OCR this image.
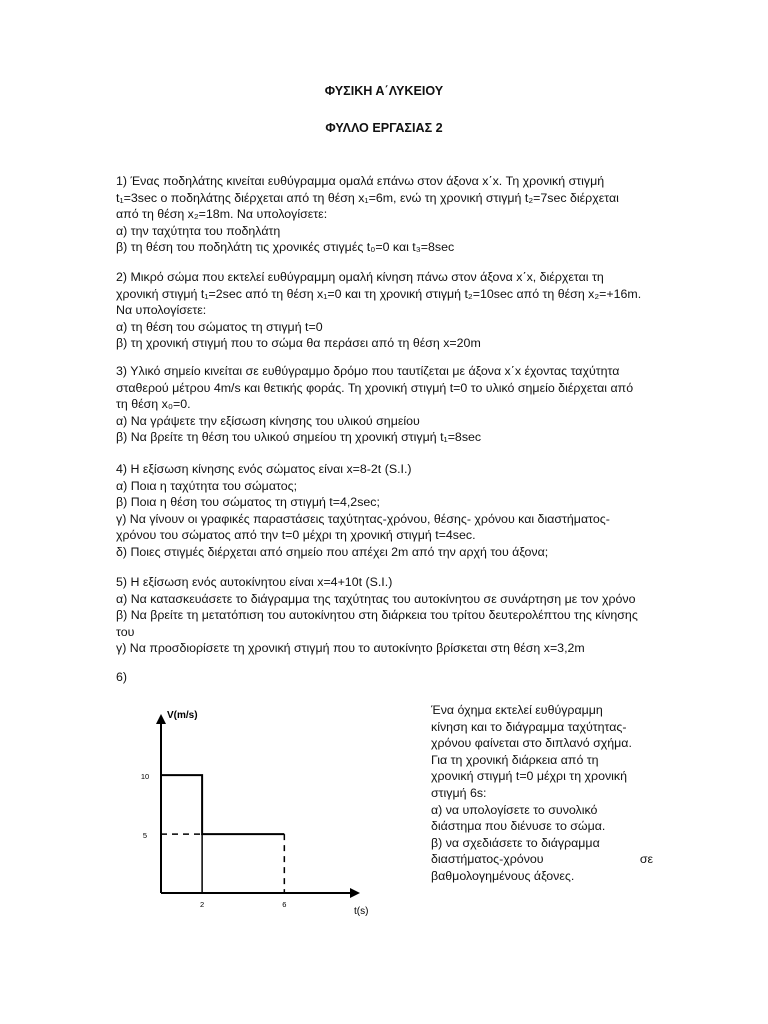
ΦΥΣΙΚΗ Α΄ΛΥΚΕΙΟΥ
ΦΥΛΛΟ ΕΡΓΑΣΙΑΣ 2

1) Ένας ποδηλάτης κινείται ευθύγραμμα ομαλά επάνω στον άξονα x΄x. Τη χρονική στιγμή

t₁=3sec ο ποδηλάτης διέρχεται από τη θέση x₁=6m, ενώ τη χρονική στιγμή t₂=7sec διέρχεται

από τη θέση x₂=18m. Να υπολογίσετε:

α) την ταχύτητα του ποδηλάτη

β) τη θέση του ποδηλάτη τις χρονικές στιγμές t₀=0 και t₃=8sec

2) Μικρό σώμα που εκτελεί ευθύγραμμη ομαλή κίνηση πάνω στον άξονα x΄x, διέρχεται τη

χρονική στιγμή t₁=2sec από τη θέση x₁=0 και τη χρονική στιγμή t₂=10sec από τη θέση x₂=+16m.

Να υπολογίσετε:

α) τη θέση του σώματος τη στιγμή t=0

β) τη χρονική στιγμή που το σώμα θα περάσει από τη θέση x=20m

3) Υλικό σημείο κινείται σε ευθύγραμμο δρόμο που ταυτίζεται με άξονα x΄x έχοντας ταχύτητα

σταθερού μέτρου 4m/s και θετικής φοράς. Τη χρονική στιγμή t=0 το υλικό σημείο διέρχεται από

τη θέση x₀=0.

α) Να γράψετε την εξίσωση κίνησης του υλικού σημείου

β) Να βρείτε τη θέση του υλικού σημείου τη χρονική στιγμή t₁=8sec

4) Η εξίσωση κίνησης ενός σώματος είναι x=8-2t (S.I.)

α) Ποια η ταχύτητα του σώματος;

β) Ποια η θέση του σώματος τη στιγμή t=4,2sec;

γ) Να γίνουν οι γραφικές παραστάσεις ταχύτητας-χρόνου, θέσης- χρόνου και διαστήματος-

χρόνου του σώματος από την t=0 μέχρι τη χρονική στιγμή t=4sec.

δ) Ποιες στιγμές διέρχεται από σημείο που απέχει 2m από την αρχή του άξονα;

5) Η εξίσωση ενός αυτοκίνητου είναι x=4+10t (S.I.)

α) Να κατασκευάσετε το διάγραμμα της ταχύτητας του αυτοκίνητου σε συνάρτηση με τον χρόνο

β) Να βρείτε τη μετατόπιση του αυτοκίνητου στη διάρκεια του τρίτου δευτερολέπτου της κίνησης

του

γ) Να προσδιορίσετε τη χρονική στιγμή που το αυτοκίνητο βρίσκεται στη θέση x=3,2m

6)
V(m/s)
t(s)
10
5
2	6

Ένα όχημα εκτελεί ευθύγραμμη

κίνηση και το διάγραμμα ταχύτητας-

χρόνου φαίνεται στο διπλανό σχήμα.

Για τη χρονική διάρκεια από τη

χρονική στιγμή t=0 μέχρι τη χρονική

στιγμή 6s:

α) να υπολογίσετε το συνολικό

διάστημα που διένυσε το σώμα.

β) να σχεδιάσετε το διάγραμμα

διαστήματος-χρόνου	σε

βαθμολογημένους άξονες.
